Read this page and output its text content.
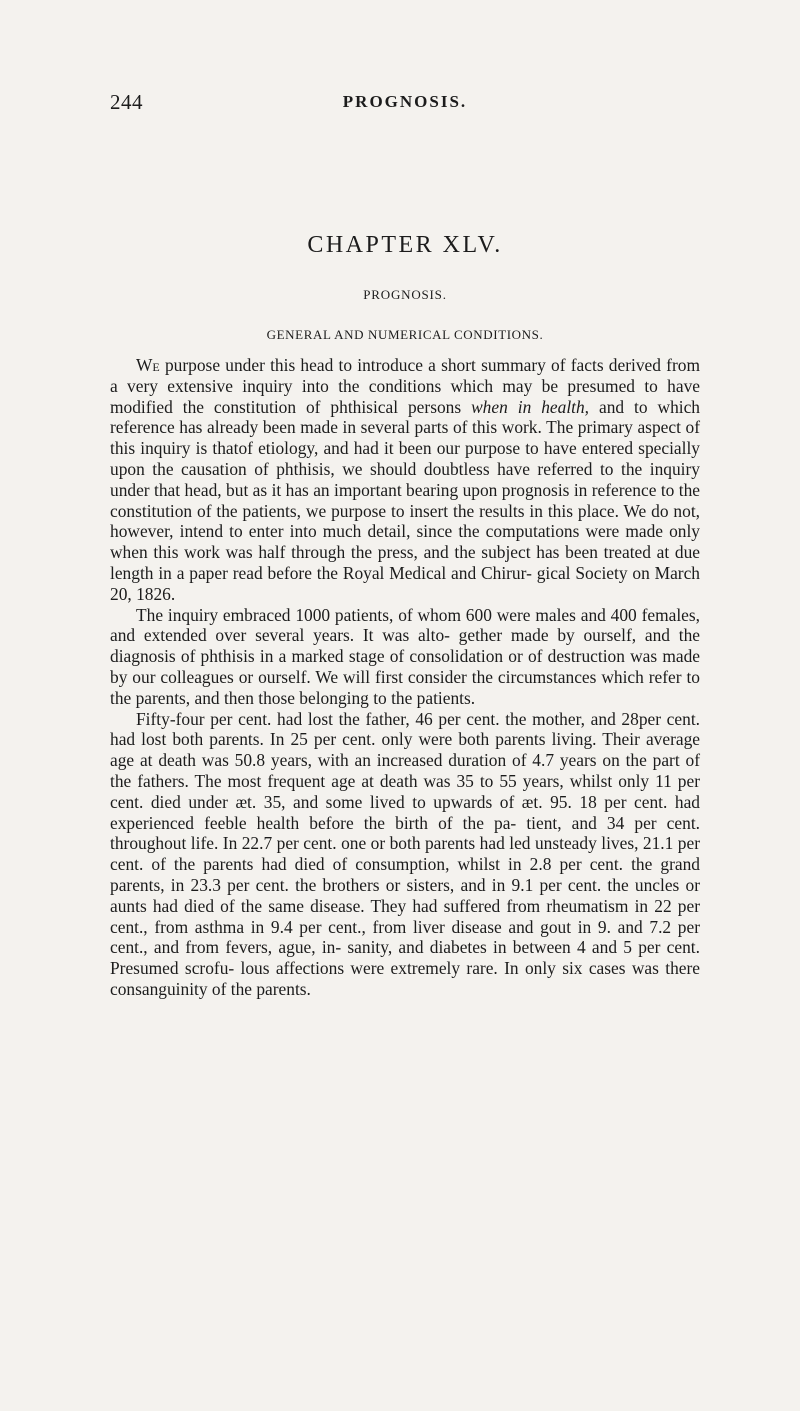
244	PROGNOSIS.
CHAPTER XLV.
PROGNOSIS.
GENERAL AND NUMERICAL CONDITIONS.

We purpose under this head to introduce a short summary of facts derived from a very extensive inquiry into the conditions which may be presumed to have modified the constitution of phthisical persons when in health, and to which reference has already been made in several parts of this work. The primary aspect of this inquiry is thatof etiology, and had it been our purpose to have entered specially upon the causation of phthisis, we should doubtless have referred to the inquiry under that head, but as it has an important bearing upon prognosis in reference to the constitution of the patients, we purpose to insert the results in this place. We do not, however, intend to enter into much detail, since the computations were made only when this work was half through the press, and the subject has been treated at due length in a paper read before the Royal Medical and Chirur- gical Society on March 20, 1826.

The inquiry embraced 1000 patients, of whom 600 were males and 400 females, and extended over several years. It was alto- gether made by ourself, and the diagnosis of phthisis in a marked stage of consolidation or of destruction was made by our colleagues or ourself. We will first consider the circumstances which refer to the parents, and then those belonging to the patients.

Fifty-four per cent. had lost the father, 46 per cent. the mother, and 28per cent. had lost both parents. In 25 per cent. only were both parents living. Their average age at death was 50.8 years, with an increased duration of 4.7 years on the part of the fathers. The most frequent age at death was 35 to 55 years, whilst only 11 per cent. died under æt. 35, and some lived to upwards of æt. 95. 18 per cent. had experienced feeble health before the birth of the pa- tient, and 34 per cent. throughout life. In 22.7 per cent. one or both parents had led unsteady lives, 21.1 per cent. of the parents had died of consumption, whilst in 2.8 per cent. the grand parents, in 23.3 per cent. the brothers or sisters, and in 9.1 per cent. the uncles or aunts had died of the same disease. They had suffered from rheumatism in 22 per cent., from asthma in 9.4 per cent., from liver disease and gout in 9. and 7.2 per cent., and from fevers, ague, in- sanity, and diabetes in between 4 and 5 per cent. Presumed scrofu- lous affections were extremely rare. In only six cases was there consanguinity of the parents.
